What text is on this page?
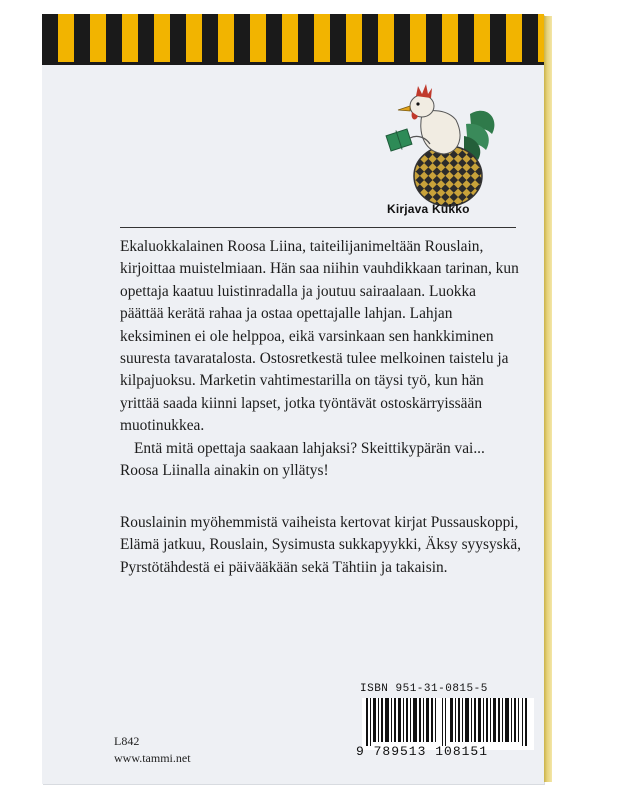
Kirjava Kukko

Ekaluokkalainen Roosa Liina, taiteilijanimeltään Rouslain, kirjoittaa muistelmiaan. Hän saa niihin vauhdikkaan tarinan, kun opettaja kaatuu luistinradalla ja joutuu sairaalaan. Luokka päättää kerätä rahaa ja ostaa opettajalle lahjan. Lahjan keksiminen ei ole helppoa, eikä varsinkaan sen hankkiminen suuresta tavaratalosta. Ostosretkestä tulee melkoinen taistelu ja kilpajuoksu. Marketin vahtimestarilla on täysi työ, kun hän yrittää saada kiinni lapset, jotka työntävät ostoskärryissään muotinukkea.

Entä mitä opettaja saakaan lahjaksi? Skeittikypärän vai... Roosa Liinalla ainakin on yllätys!

Rouslainin myöhemmistä vaiheista kertovat kirjat Pussauskoppi, Elämä jatkuu, Rouslain, Sysimusta sukkapyykki, Äksy syysyskä, Pyrstötähdestä ei päivääkään sekä Tähtiin ja takaisin.
L842
www.tammi.net
ISBN 951-31-0815-5
9 789513 108151
